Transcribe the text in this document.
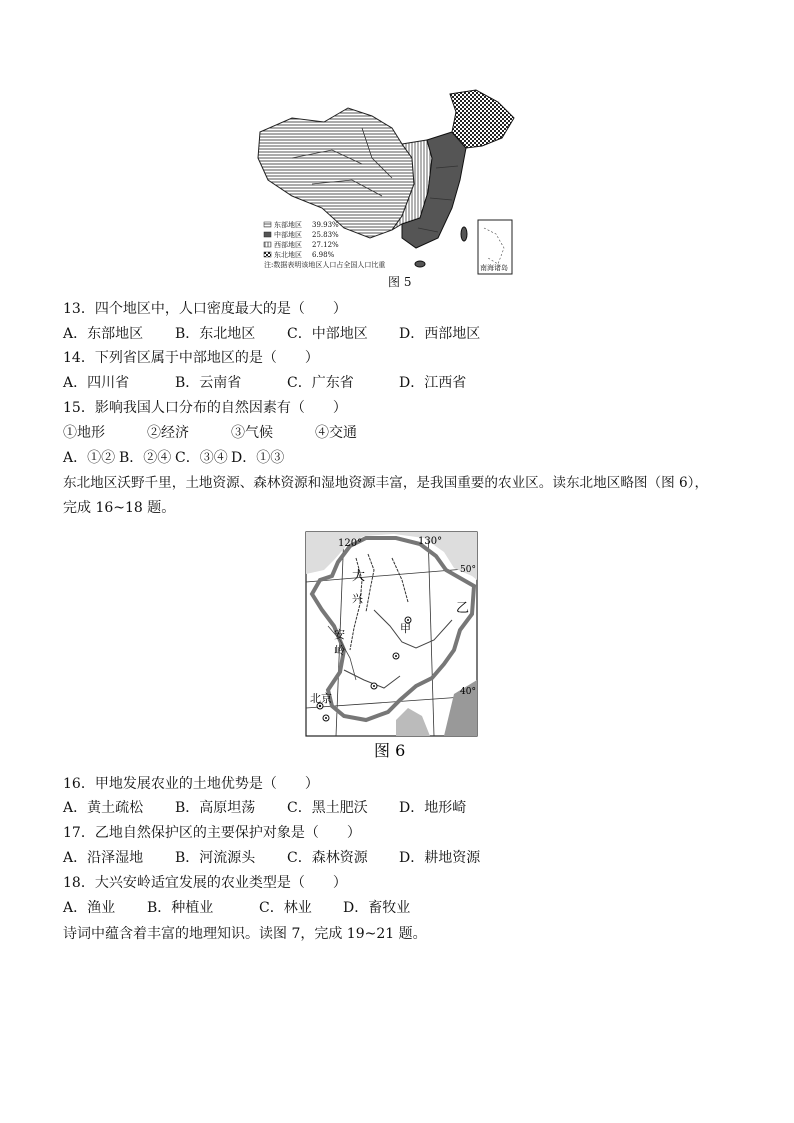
南海诸岛
东部地区 39.93%
中部地区 25.83%
西部地区 27.12%
东北地区 6.98%
注:数据表明该地区人口占全国人口比重
图 5
13．四个地区中，人口密度最大的是（　　）
A．东部地区 B．东北地区 C．中部地区 D．西部地区
14．下列省区属于中部地区的是（　　）
A．四川省	B．云南省	C．广东省	D．江西省
15．影响我国人口分布的自然因素有（　　）
①地形	②经济	③气候	④交通
A．①② B．②④ C．③④ D．①③
东北地区沃野千里，土地资源、森林资源和湿地资源丰富，是我国重要的农业区。读东北地区略图（图 6），
完成 16~18 题。
120°	130°
50°
40°
大
兴
安
岭
甲
乙
北京
图 6
16．甲地发展农业的土地优势是（　　）
A．黄土疏松 B．高原坦荡 C．黑土肥沃 D．地形崎
17．乙地自然保护区的主要保护对象是（　　）
A．沿泽湿地 B．河流源头 C．森林资源 D．耕地资源
18．大兴安岭适宜发展的农业类型是（　　）
A．渔业 B．种植业	C．林业 D．畜牧业
诗词中蕴含着丰富的地理知识。读图 7，完成 19~21 题。
